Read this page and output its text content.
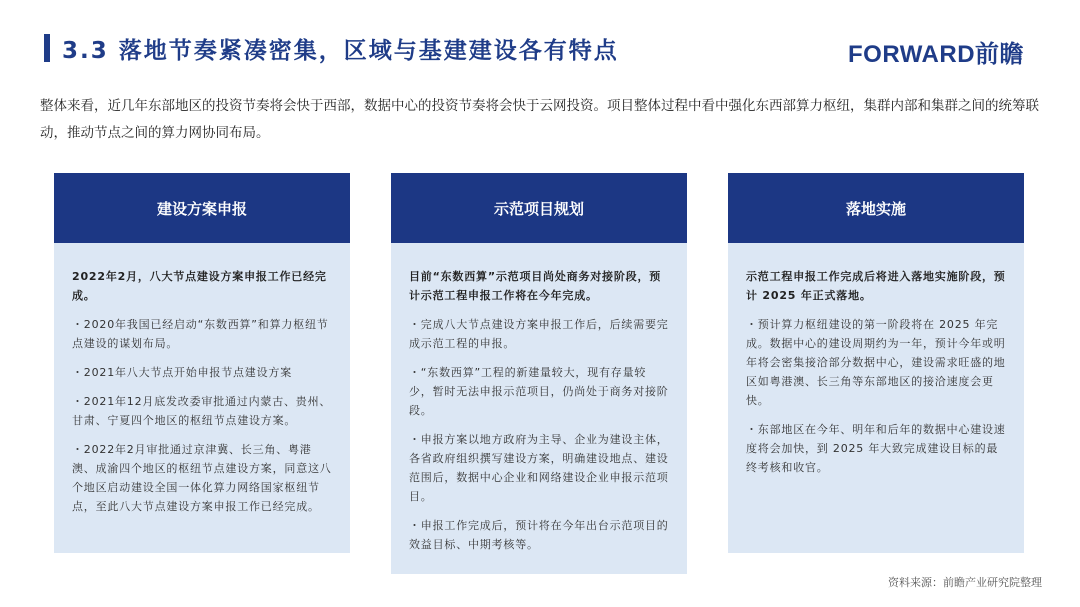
3.3 落地节奏紧凑密集，区域与基建建设各有特点	FORWARD前瞻
整体来看，近几年东部地区的投资节奏将会快于西部，数据中心的投资节奏将会快于云网投资。项目整体过程中看中强化东西部算力枢纽，集群内部和集群之间的统筹联动，推动节点之间的算力网协同布局。
建设方案申报
2022年2月，八大节点建设方案申报工作已经完成。
・2020年我国已经启动“东数西算”和算力枢纽节点建设的谋划布局。
・2021年八大节点开始申报节点建设方案
・2021年12月底发改委审批通过内蒙古、贵州、甘肃、宁夏四个地区的枢纽节点建设方案。
・2022年2月审批通过京津冀、长三角、粤港澳、成渝四个地区的枢纽节点建设方案，同意这八个地区启动建设全国一体化算力网络国家枢纽节点，至此八大节点建设方案申报工作已经完成。
示范项目规划
目前“东数西算”示范项目尚处商务对接阶段，预计示范工程申报工作将在今年完成。
・完成八大节点建设方案申报工作后，后续需要完成示范工程的申报。
・“东数西算”工程的新建量较大，现有存量较少，暂时无法申报示范项目，仍尚处于商务对接阶段。
・申报方案以地方政府为主导、企业为建设主体，各省政府组织撰写建设方案，明确建设地点、建设范围后，数据中心企业和网络建设企业申报示范项目。
・申报工作完成后，预计将在今年出台示范项目的效益目标、中期考核等。
落地实施
示范工程申报工作完成后将进入落地实施阶段，预计 2025 年正式落地。
・预计算力枢纽建设的第一阶段将在 2025 年完成。数据中心的建设周期约为一年，预计今年或明年将会密集接洽部分数据中心，建设需求旺盛的地区如粤港澳、长三角等东部地区的接洽速度会更快。
・东部地区在今年、明年和后年的数据中心建设速度将会加快，到 2025 年大致完成建设目标的最终考核和收官。
资料来源：前瞻产业研究院整理
